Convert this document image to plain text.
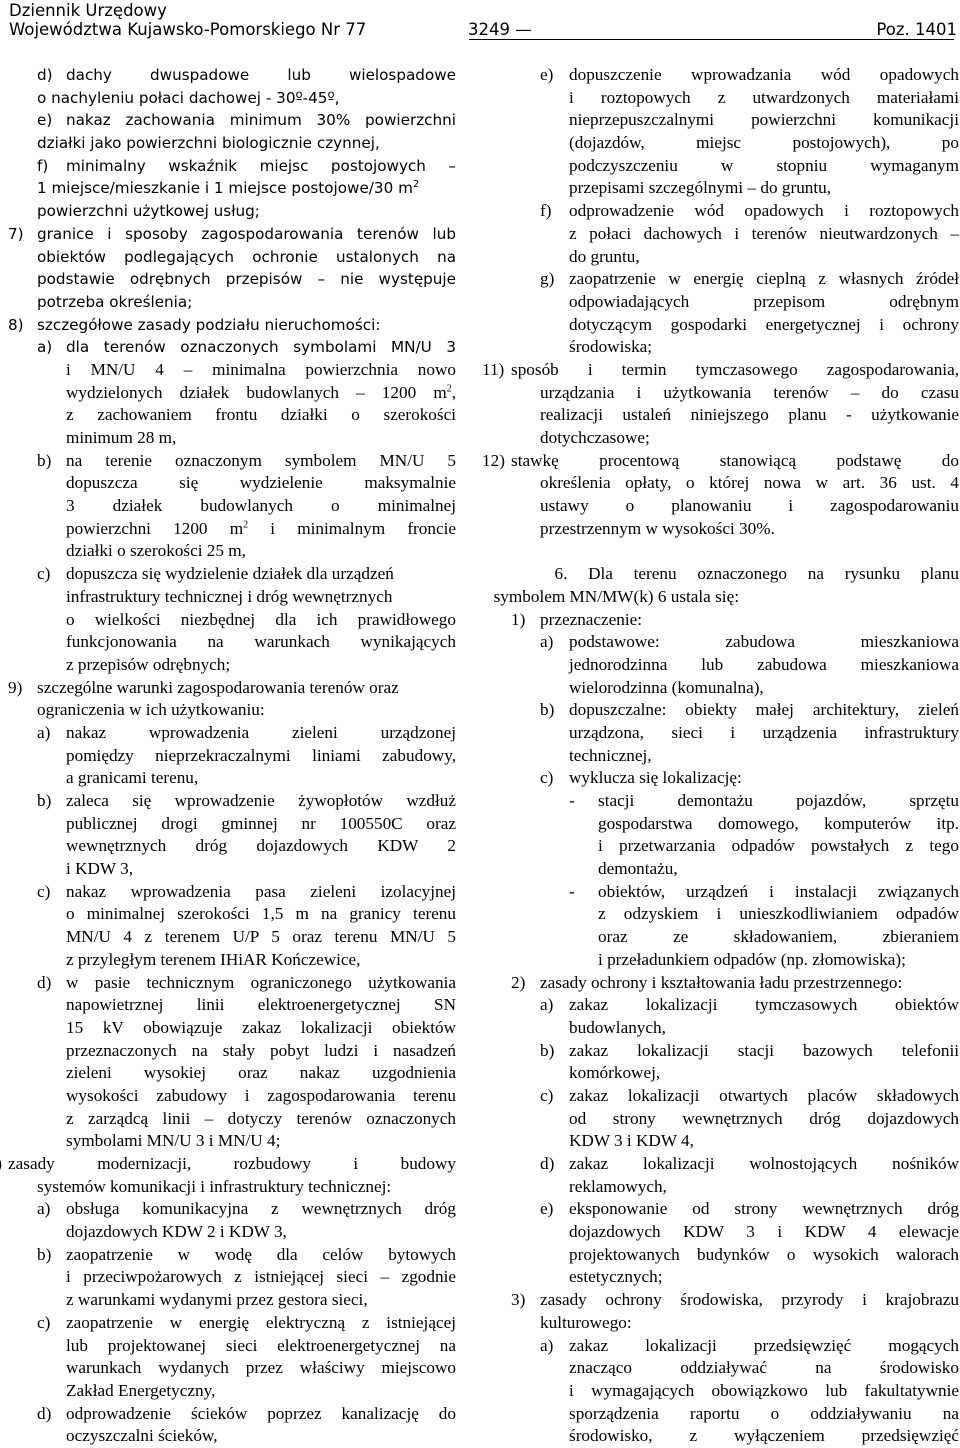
Dziennik Urzędowy
Województwa Kujawsko-Pomorskiego Nr 77	3249 —	Poz. 1401
d) dachy dwuspadowe lub wielospadowe
o nachyleniu połaci dachowej - 30º-45º,
e) nakaz zachowania minimum 30% powierzchni
działki jako powierzchni biologicznie czynnej,
f) minimalny wskaźnik miejsc postojowych –
1 miejsce/mieszkanie i 1 miejsce postojowe/30 $m^2$
powierzchni użytkowej usług;
7) granice i sposoby zagospodarowania terenów lub
obiektów podlegających ochronie ustalonych na
podstawie odrębnych przepisów – nie występuje
potrzeba określenia;
8) szczegółowe zasady podziału nieruchomości:
a) dla terenów oznaczonych symbolami MN/U 3
i MN/U 4 – minimalna powierzchnia nowo
wydzielonych działek budowlanych – 1200 $m^2$,
z zachowaniem frontu działki o szerokości
minimum 28 m,
b) na terenie oznaczonym symbolem MN/U 5
dopuszcza się wydzielenie maksymalnie
3 działek budowlanych o minimalnej
powierzchni 1200 $m^2$ i minimalnym froncie
działki o szerokości 25 m,
c) dopuszcza się wydzielenie działek dla urządzeń
infrastruktury technicznej i dróg wewnętrznych
o wielkości niezbędnej dla ich prawidłowego
funkcjonowania na warunkach wynikających
z przepisów odrębnych;
9) szczególne warunki zagospodarowania terenów oraz
ograniczenia w ich użytkowaniu:
a) nakaz wprowadzenia zieleni urządzonej
pomiędzy nieprzekraczalnymi liniami zabudowy,
a granicami terenu,
b) zaleca się wprowadzenie żywopłotów wzdłuż
publicznej drogi gminnej nr 100550C oraz
wewnętrznych dróg dojazdowych KDW 2
i KDW 3,
c) nakaz wprowadzenia pasa zieleni izolacyjnej
o minimalnej szerokości 1,5 m na granicy terenu
MN/U 4 z terenem U/P 5 oraz terenu MN/U 5
z przyległym terenem IHiAR Kończewice,
d) w pasie technicznym ograniczonego użytkowania
napowietrznej linii elektroenergetycznej SN
15 kV obowiązuje zakaz lokalizacji obiektów
przeznaczonych na stały pobyt ludzi i nasadzeń
zieleni wysokiej oraz nakaz uzgodnienia
wysokości zabudowy i zagospodarowania terenu
z zarządcą linii – dotyczy terenów oznaczonych
symbolami MN/U 3 i MN/U 4;
zasady modernizacji, rozbudowy i budowy
systemów komunikacji i infrastruktury technicznej:
a) obsługa komunikacyjna z wewnętrznych dróg
dojazdowych KDW 2 i KDW 3,
b) zaopatrzenie w wodę dla celów bytowych
i przeciwpożarowych z istniejącej sieci – zgodnie
z warunkami wydanymi przez gestora sieci,
c) zaopatrzenie w energię elektryczną z istniejącej
lub projektowanej sieci elektroenergetycznej na
warunkach wydanych przez właściwy miejscowo
Zakład Energetyczny,
d) odprowadzenie ścieków poprzez kanalizację do
oczyszczalni ścieków,
e) dopuszczenie wprowadzania wód opadowych
i roztopowych z utwardzonych materiałami
nieprzepuszczalnymi powierzchni komunikacji
(dojazdów, miejsc postojowych), po
podczyszczeniu w stopniu wymaganym
przepisami szczególnymi – do gruntu,
f) odprowadzenie wód opadowych i roztopowych
z połaci dachowych i terenów nieutwardzonych –
do gruntu,
g) zaopatrzenie w energię cieplną z własnych źródeł
odpowiadających przepisom odrębnym
dotyczącym gospodarki energetycznej i ochrony
środowiska;
11) sposób i termin tymczasowego zagospodarowania,
urządzania i użytkowania terenów – do czasu
realizacji ustaleń niniejszego planu - użytkowanie
dotychczasowe;
12) stawkę procentową stanowiącą podstawę do
określenia opłaty, o której nowa w art. 36 ust. 4
ustawy o planowaniu i zagospodarowaniu
przestrzennym w wysokości 30%.
6. Dla terenu oznaczonego na rysunku planu
symbolem MN/MW(k) 6 ustala się:
1) przeznaczenie:
a) podstawowe: zabudowa mieszkaniowa
jednorodzinna lub zabudowa mieszkaniowa
wielorodzinna (komunalna),
b) dopuszczalne: obiekty małej architektury, zieleń
urządzona, sieci i urządzenia infrastruktury
technicznej,
c) wyklucza się lokalizację:
- stacji demontażu pojazdów, sprzętu
gospodarstwa domowego, komputerów itp.
i przetwarzania odpadów powstałych z tego
demontażu,
- obiektów, urządzeń i instalacji związanych
z odzyskiem i unieszkodliwianiem odpadów
oraz ze składowaniem, zbieraniem
i przeładunkiem odpadów (np. złomowiska);
2) zasady ochrony i kształtowania ładu przestrzennego:
a) zakaz lokalizacji tymczasowych obiektów
budowlanych,
b) zakaz lokalizacji stacji bazowych telefonii
komórkowej,
c) zakaz lokalizacji otwartych placów składowych
od strony wewnętrznych dróg dojazdowych
KDW 3 i KDW 4,
d) zakaz lokalizacji wolnostojących nośników
reklamowych,
e) eksponowanie od strony wewnętrznych dróg
dojazdowych KDW 3 i KDW 4 elewacje
projektowanych budynków o wysokich walorach
estetycznych;
3) zasady ochrony środowiska, przyrody i krajobrazu
kulturowego:
a) zakaz lokalizacji przedsięwzięć mogących
znacząco oddziaływać na środowisko
i wymagających obowiązkowo lub fakultatywnie
sporządzenia raportu o oddziaływaniu na
środowisko, z wyłączeniem przedsięwzięć
